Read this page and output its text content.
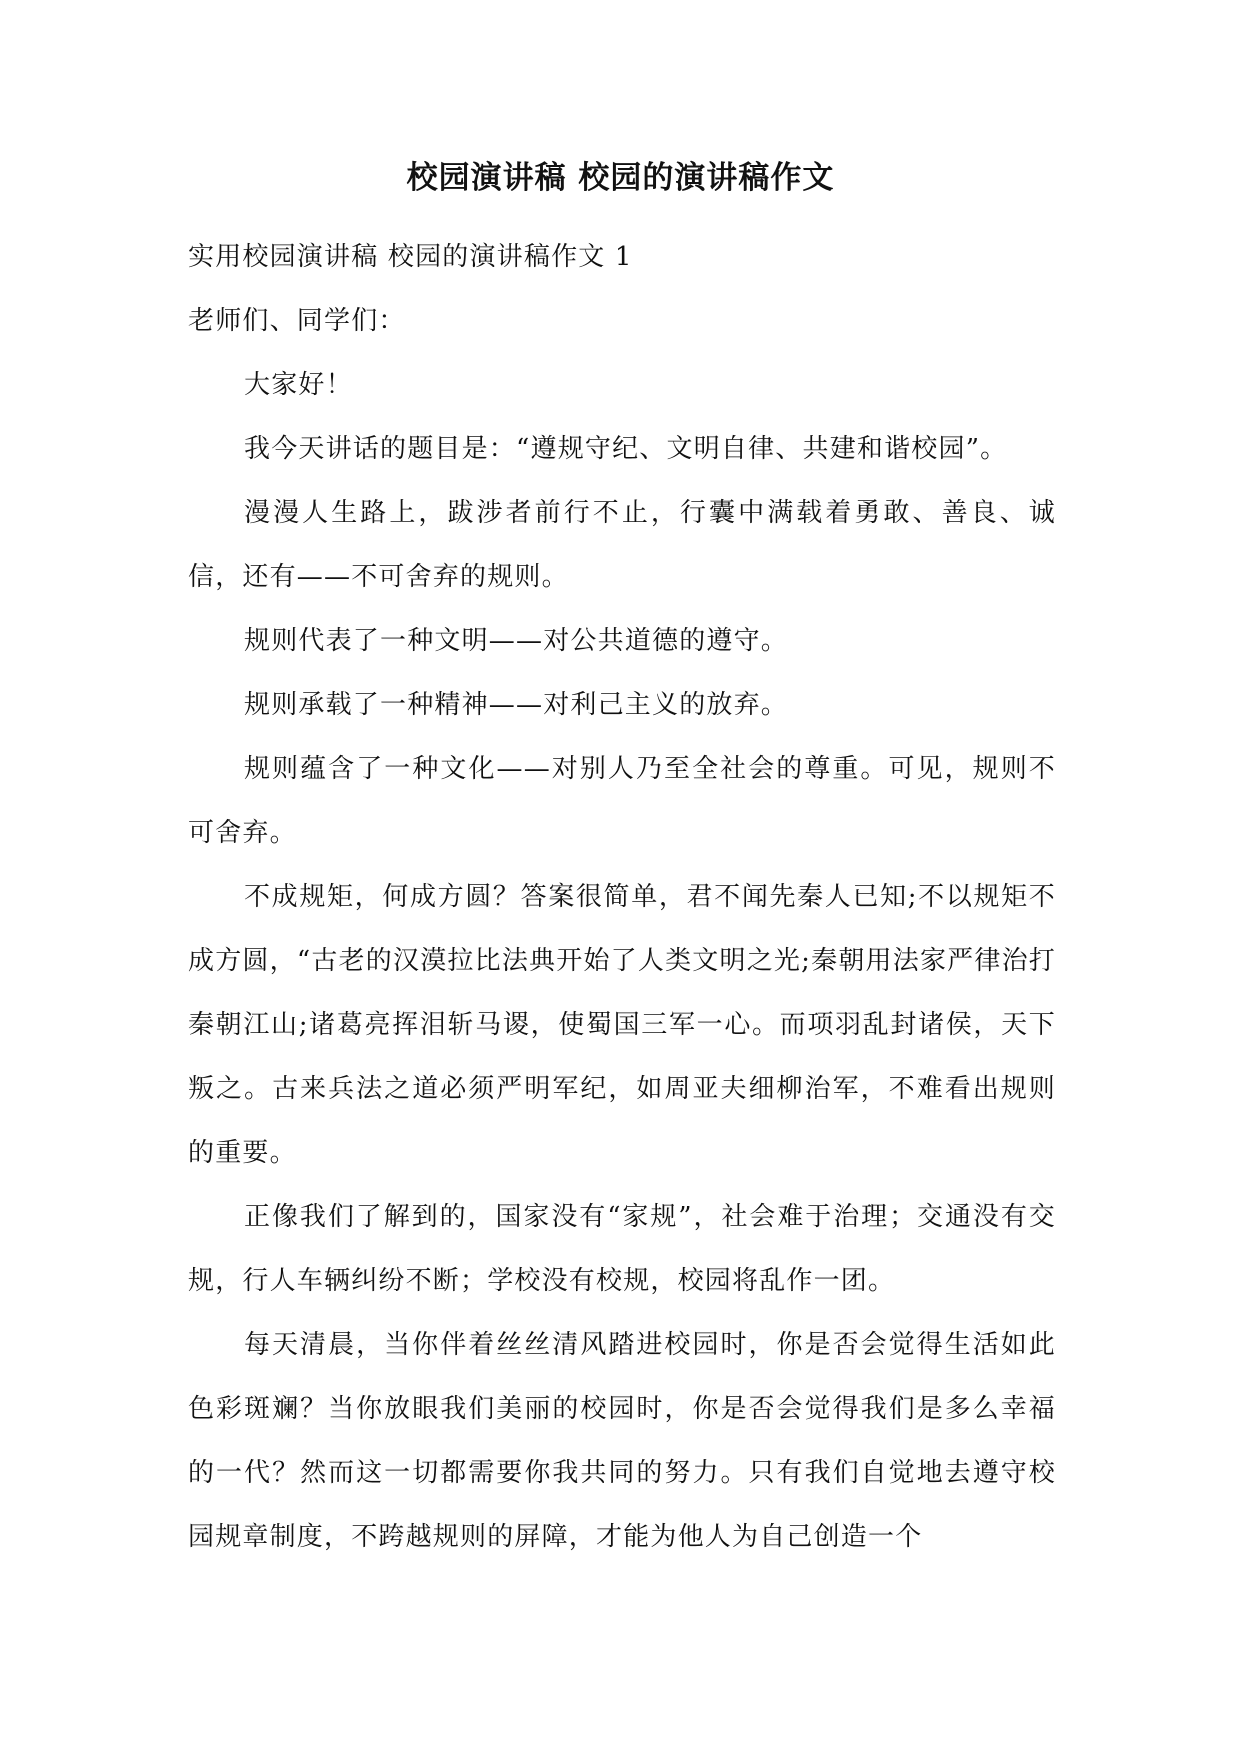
校园演讲稿 校园的演讲稿作文

实用校园演讲稿 校园的演讲稿作文 1

老师们、同学们：

大家好！

我今天讲话的题目是：“遵规守纪、文明自律、共建和谐校园”。

漫漫人生路上，跋涉者前行不止，行囊中满载着勇敢、善良、诚信，还有——不可舍弃的规则。

规则代表了一种文明——对公共道德的遵守。

规则承载了一种精神——对利己主义的放弃。

规则蕴含了一种文化——对别人乃至全社会的尊重。可见，规则不可舍弃。

不成规矩，何成方圆？答案很简单，君不闻先秦人已知;不以规矩不成方圆，“古老的汉漠拉比法典开始了人类文明之光;秦朝用法家严律治打秦朝江山;诸葛亮挥泪斩马谡，使蜀国三军一心。而项羽乱封诸侯，天下叛之。古来兵法之道必须严明军纪，如周亚夫细柳治军，不难看出规则的重要。

正像我们了解到的，国家没有“家规”，社会难于治理；交通没有交规，行人车辆纠纷不断；学校没有校规，校园将乱作一团。

每天清晨，当你伴着丝丝清风踏进校园时，你是否会觉得生活如此色彩斑斓？当你放眼我们美丽的校园时，你是否会觉得我们是多么幸福的一代？然而这一切都需要你我共同的努力。只有我们自觉地去遵守校园规章制度，不跨越规则的屏障，才能为他人为自己创造一个
